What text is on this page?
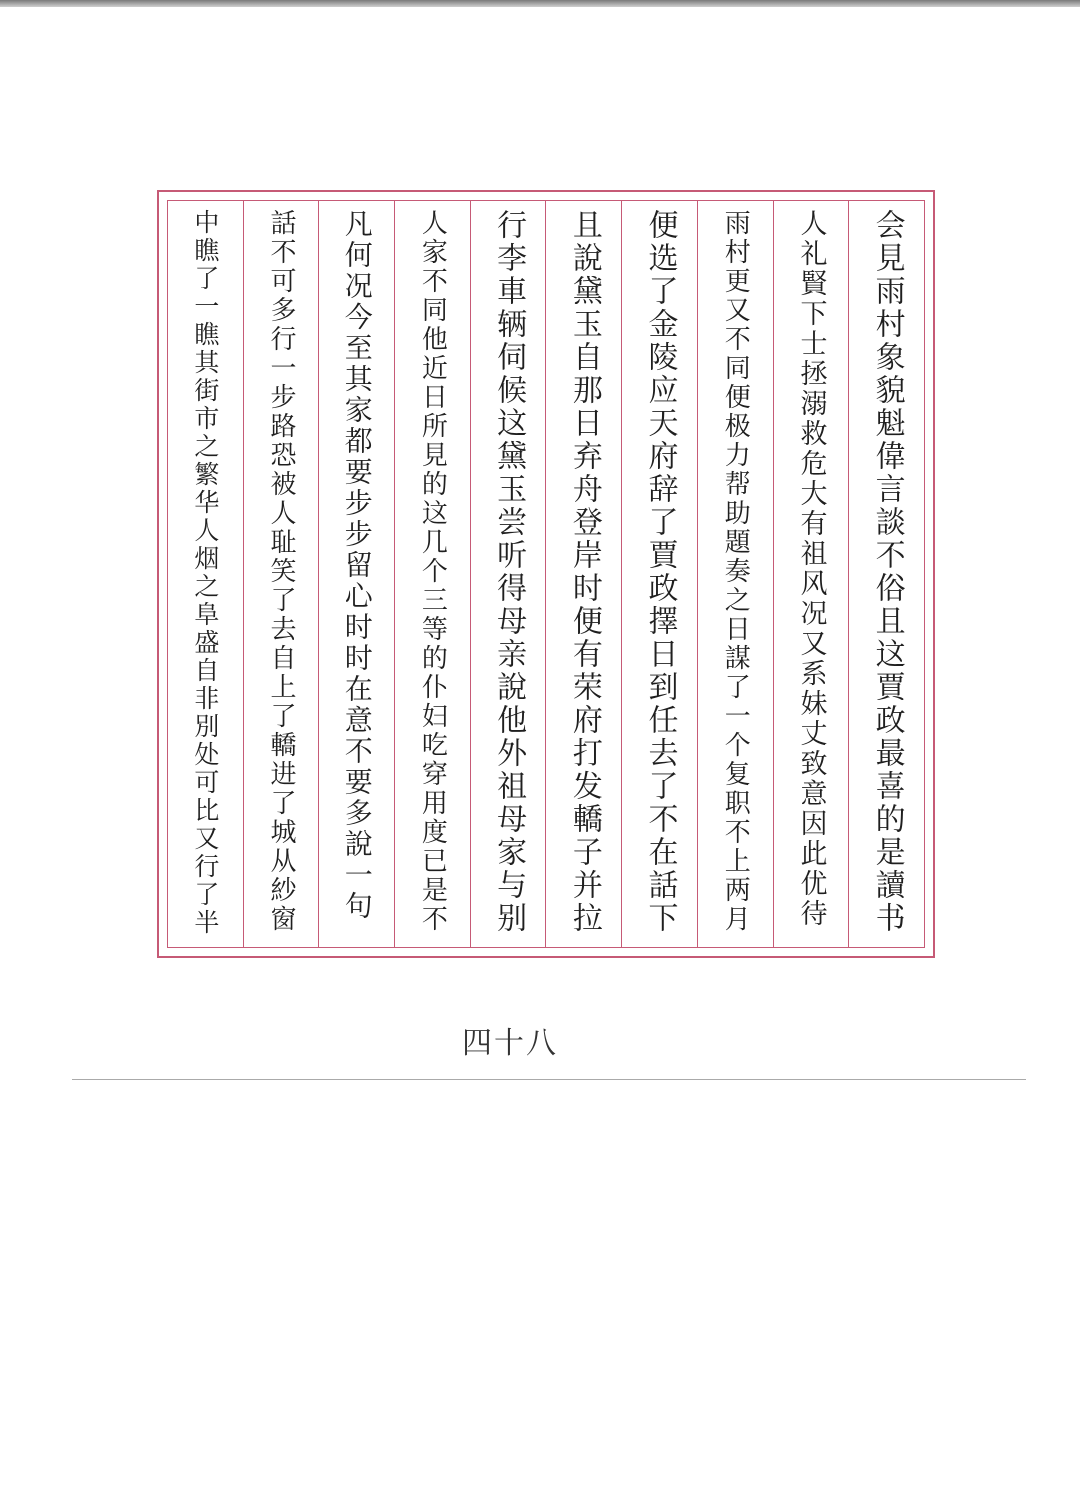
会見雨村象貌魁偉言談不俗且这賈政最喜的是讀书
人礼賢下士拯溺救危大有祖风况又系妹丈致意因此优待
雨村更又不同便极力帮助題奏之日謀了一个复职不上两月
便选了金陵应天府辞了賈政擇日到任去了不在話下
且說黛玉自那日弃舟登岸时便有荣府打发轎子并拉
行李車辆伺候这黛玉尝听得母亲說他外祖母家与别
人家不同他近日所見的这几个三等的仆妇吃穿用度已是不
凡何况今至其家都要步步留心时时在意不要多說一句
話不可多行一步路恐被人耻笑了去自上了轎进了城从紗窗
中瞧了一瞧其街市之繁华人烟之阜盛自非別处可比又行了半
四十八
